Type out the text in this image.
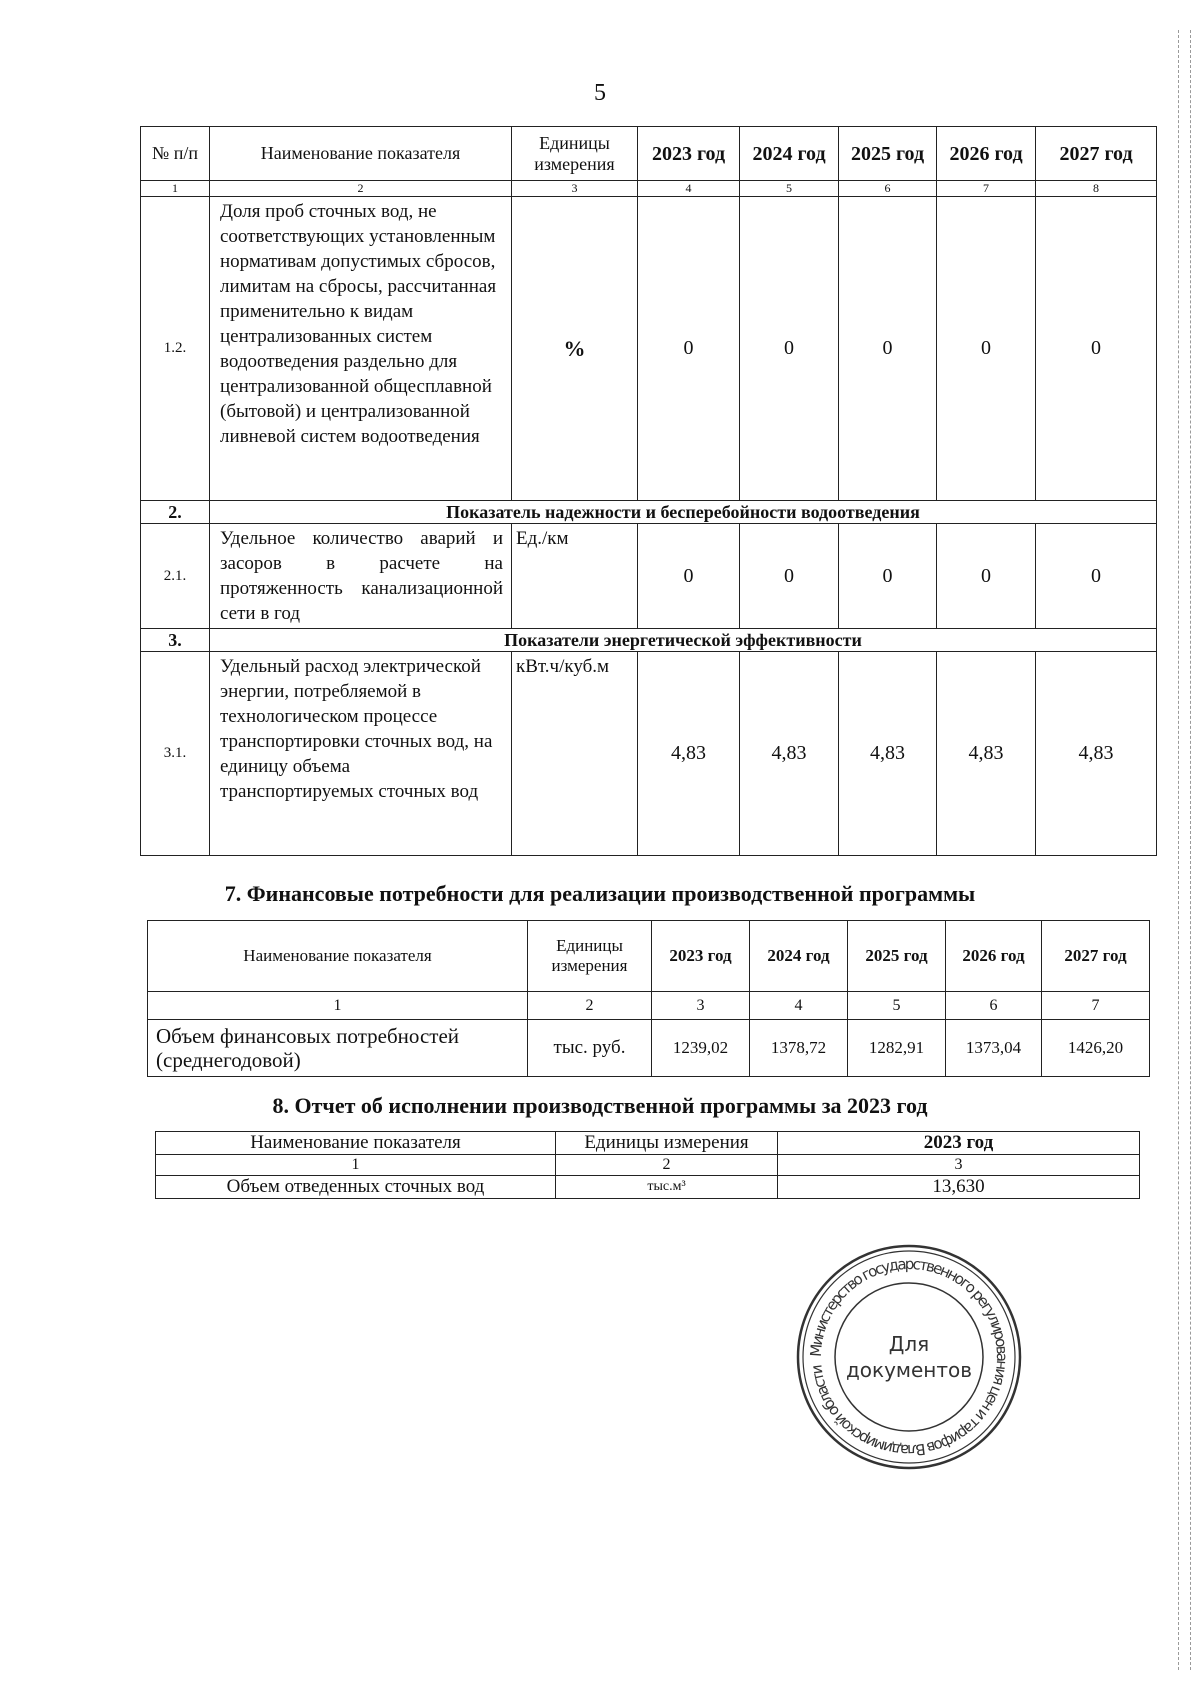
5
№ п/п	Наименование показателя	Единицы измерения	2023 год	2024 год	2025 год	2026 год	2027 год
1	2	3	4	5	6	7	8
1.2.	Доля проб сточных вод, не соответствующих установленным нормативам допустимых сбросов, лимитам на сбросы, рассчитанная применительно к видам централизованных систем водоотведения раздельно для централизованной общесплавной (бытовой) и централизованной ливневой систем водоотведения	%	0	0	0	0	0
2.	Показатель надежности и бесперебойности водоотведения						
2.1.	Удельное количество аварий и засоров в расчете на протяженность канализационной сети в год	Ед./км	0	0	0	0	0
3.	Показатели энергетической эффективности						
3.1.	Удельный расход электрической энергии, потребляемой в технологическом процессе транспортировки сточных вод, на единицу объема транспортируемых сточных вод	кВт.ч/куб.м	4,83	4,83	4,83	4,83	4,83
7. Финансовые потребности для реализации производственной программы
Наименование показателя	Единицы измерения	2023 год	2024 год	2025 год	2026 год	2027 год
1	2	3	4	5	6	7
Объем финансовых потребностей (среднегодовой)	тыс. руб.	1239,02	1378,72	1282,91	1373,04	1426,20
8. Отчет об исполнении производственной программы за 2023 год
Наименование показателя	Единицы измерения	2023 год
1	2	3
Объем отведенных сточных вод	тыс.м³	13,630
Министерство государственного регулирования цен и тарифов Владимирской области
Для
документов
